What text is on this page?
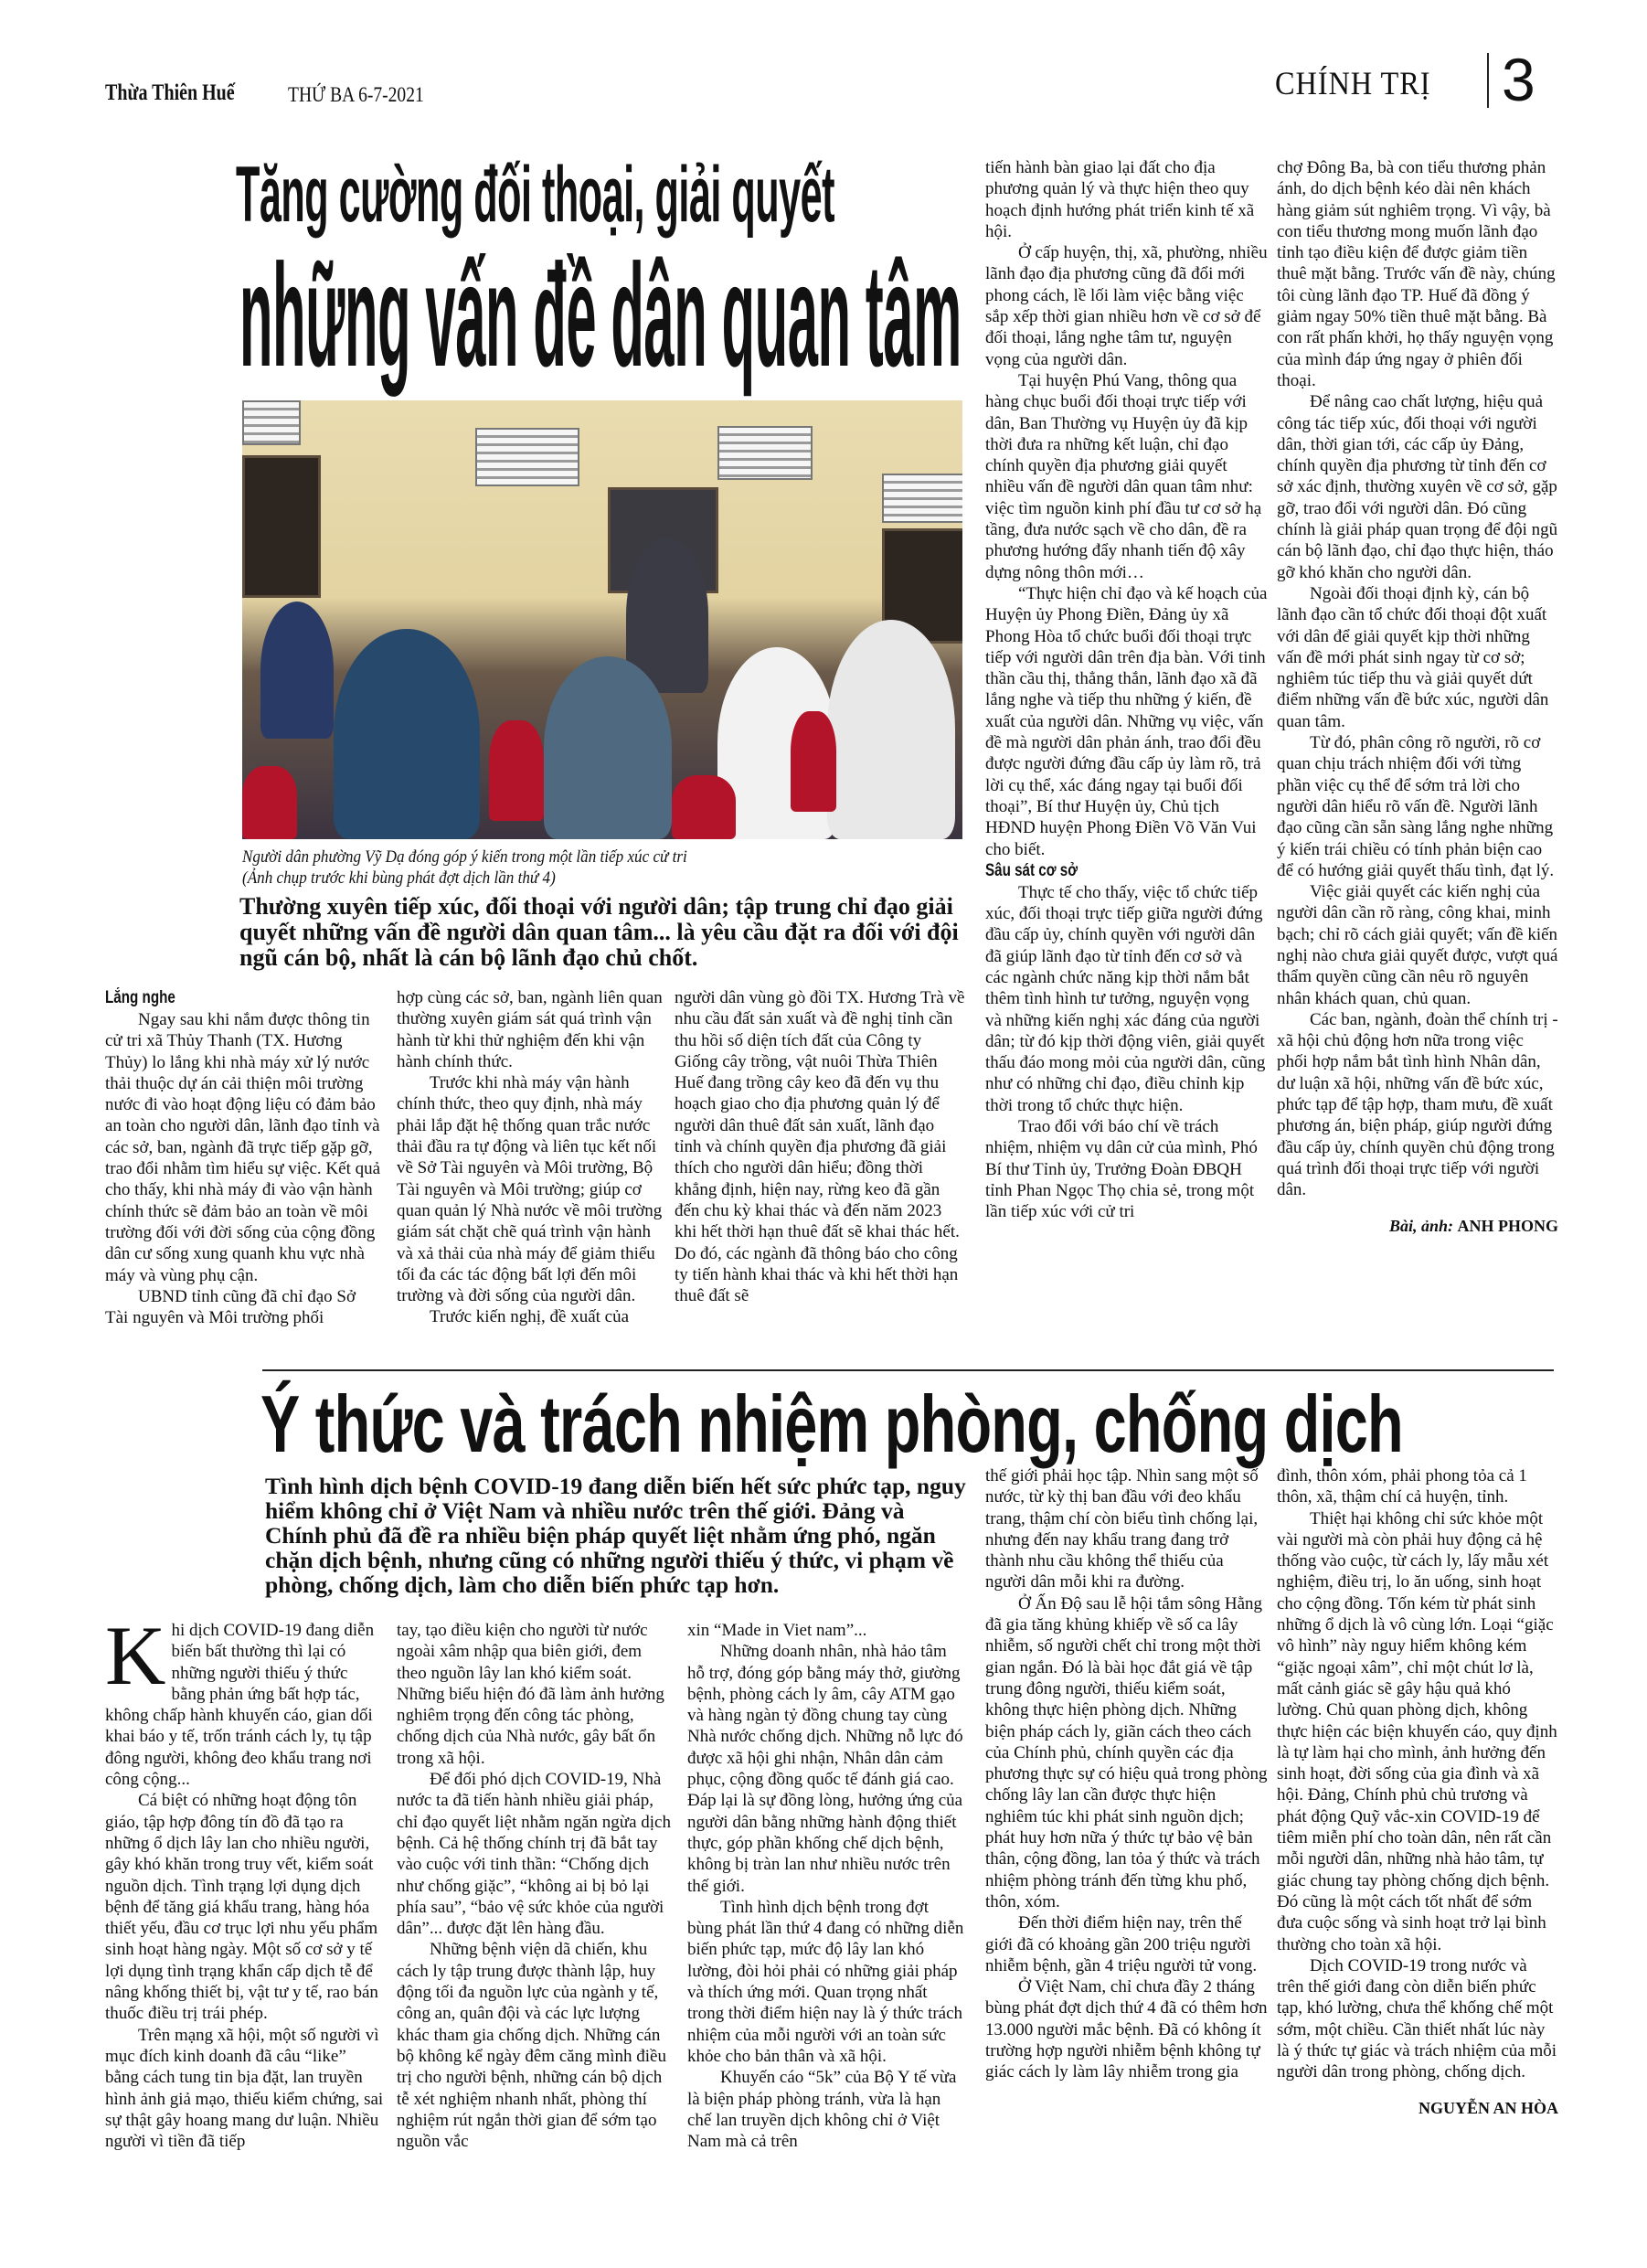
Thừa Thiên Huế	THỨ BA 6-7-2021	CHÍNH TRỊ 3
Tăng cường đối thoại, giải quyết
những vấn đề dân quan tâm
Người dân phường Vỹ Dạ đóng góp ý kiến trong một lần tiếp xúc cử tri
(Ảnh chụp trước khi bùng phát đợt dịch lần thứ 4)
Thường xuyên tiếp xúc, đối thoại với người dân; tập trung chỉ đạo giải quyết những vấn đề người dân quan tâm... là yêu cầu đặt ra đối với đội ngũ cán bộ, nhất là cán bộ lãnh đạo chủ chốt.
Lắng nghe

Ngay sau khi nắm được thông tin cử tri xã Thủy Thanh (TX. Hương Thủy) lo lắng khi nhà máy xử lý nước thải thuộc dự án cải thiện môi trường nước đi vào hoạt động liệu có đảm bảo an toàn cho người dân, lãnh đạo tỉnh và các sở, ban, ngành đã trực tiếp gặp gỡ, trao đổi nhằm tìm hiểu sự việc. Kết quả cho thấy, khi nhà máy đi vào vận hành chính thức sẽ đảm bảo an toàn về môi trường đối với đời sống của cộng đồng dân cư sống xung quanh khu vực nhà máy và vùng phụ cận.

UBND tỉnh cũng đã chỉ đạo Sở Tài nguyên và Môi trường phối

hợp cùng các sở, ban, ngành liên quan thường xuyên giám sát quá trình vận hành từ khi thử nghiệm đến khi vận hành chính thức.

Trước khi nhà máy vận hành chính thức, theo quy định, nhà máy phải lắp đặt hệ thống quan trắc nước thải đầu ra tự động và liên tục kết nối về Sở Tài nguyên và Môi trường, Bộ Tài nguyên và Môi trường; giúp cơ quan quản lý Nhà nước về môi trường giám sát chặt chẽ quá trình vận hành và xả thải của nhà máy để giảm thiểu tối đa các tác động bất lợi đến môi trường và đời sống của người dân.

Trước kiến nghị, đề xuất của

người dân vùng gò đồi TX. Hương Trà về nhu cầu đất sản xuất và đề nghị tỉnh cần thu hồi số diện tích đất của Công ty Giống cây trồng, vật nuôi Thừa Thiên Huế đang trồng cây keo đã đến vụ thu hoạch giao cho địa phương quản lý để người dân thuê đất sản xuất, lãnh đạo tỉnh và chính quyền địa phương đã giải thích cho người dân hiểu; đồng thời khẳng định, hiện nay, rừng keo đã gần đến chu kỳ khai thác và đến năm 2023 khi hết thời hạn thuê đất sẽ khai thác hết. Do đó, các ngành đã thông báo cho công ty tiến hành khai thác và khi hết thời hạn thuê đất sẽ

tiến hành bàn giao lại đất cho địa phương quản lý và thực hiện theo quy hoạch định hướng phát triển kinh tế xã hội.

Ở cấp huyện, thị, xã, phường, nhiều lãnh đạo địa phương cũng đã đổi mới phong cách, lề lối làm việc bằng việc sắp xếp thời gian nhiều hơn về cơ sở để đối thoại, lắng nghe tâm tư, nguyện vọng của người dân.

Tại huyện Phú Vang, thông qua hàng chục buổi đối thoại trực tiếp với dân, Ban Thường vụ Huyện ủy đã kịp thời đưa ra những kết luận, chỉ đạo chính quyền địa phương giải quyết nhiều vấn đề người dân quan tâm như: việc tìm nguồn kinh phí đầu tư cơ sở hạ tầng, đưa nước sạch về cho dân, đề ra phương hướng đẩy nhanh tiến độ xây dựng nông thôn mới…

“Thực hiện chỉ đạo và kế hoạch của Huyện ủy Phong Điền, Đảng ủy xã Phong Hòa tổ chức buổi đối thoại trực tiếp với người dân trên địa bàn. Với tinh thần cầu thị, thẳng thắn, lãnh đạo xã đã lắng nghe và tiếp thu những ý kiến, đề xuất của người dân. Những vụ việc, vấn đề mà người dân phản ánh, trao đổi đều được người đứng đầu cấp ủy làm rõ, trả lời cụ thể, xác đáng ngay tại buổi đối thoại”, Bí thư Huyện ủy, Chủ tịch HĐND huyện Phong Điền Võ Văn Vui cho biết.

Sâu sát cơ sở

Thực tế cho thấy, việc tổ chức tiếp xúc, đối thoại trực tiếp giữa người đứng đầu cấp ủy, chính quyền với người dân đã giúp lãnh đạo từ tỉnh đến cơ sở và các ngành chức năng kịp thời nắm bắt thêm tình hình tư tưởng, nguyện vọng và những kiến nghị xác đáng của người dân; từ đó kịp thời động viên, giải quyết thấu đáo mong mỏi của người dân, cũng như có những chỉ đạo, điều chỉnh kịp thời trong tổ chức thực hiện.

Trao đổi với báo chí về trách nhiệm, nhiệm vụ dân cử của mình, Phó Bí thư Tỉnh ủy, Trưởng Đoàn ĐBQH tỉnh Phan Ngọc Thọ chia sẻ, trong một lần tiếp xúc với cử tri

chợ Đông Ba, bà con tiểu thương phản ánh, do dịch bệnh kéo dài nên khách hàng giảm sút nghiêm trọng. Vì vậy, bà con tiểu thương mong muốn lãnh đạo tỉnh tạo điều kiện để được giảm tiền thuê mặt bằng. Trước vấn đề này, chúng tôi cùng lãnh đạo TP. Huế đã đồng ý giảm ngay 50% tiền thuê mặt bằng. Bà con rất phấn khởi, họ thấy nguyện vọng của mình đáp ứng ngay ở phiên đối thoại.

Để nâng cao chất lượng, hiệu quả công tác tiếp xúc, đối thoại với người dân, thời gian tới, các cấp ủy Đảng, chính quyền địa phương từ tỉnh đến cơ sở xác định, thường xuyên về cơ sở, gặp gỡ, trao đổi với người dân. Đó cũng chính là giải pháp quan trọng để đội ngũ cán bộ lãnh đạo, chỉ đạo thực hiện, tháo gỡ khó khăn cho người dân.

Ngoài đối thoại định kỳ, cán bộ lãnh đạo cần tổ chức đối thoại đột xuất với dân để giải quyết kịp thời những vấn đề mới phát sinh ngay từ cơ sở; nghiêm túc tiếp thu và giải quyết dứt điểm những vấn đề bức xúc, người dân quan tâm.

Từ đó, phân công rõ người, rõ cơ quan chịu trách nhiệm đối với từng phần việc cụ thể để sớm trả lời cho người dân hiểu rõ vấn đề. Người lãnh đạo cũng cần sẵn sàng lắng nghe những ý kiến trái chiều có tính phản biện cao để có hướng giải quyết thấu tình, đạt lý.

Việc giải quyết các kiến nghị của người dân cần rõ ràng, công khai, minh bạch; chỉ rõ cách giải quyết; vấn đề kiến nghị nào chưa giải quyết được, vượt quá thẩm quyền cũng cần nêu rõ nguyên nhân khách quan, chủ quan.

Các ban, ngành, đoàn thể chính trị - xã hội chủ động hơn nữa trong việc phối hợp nắm bắt tình hình Nhân dân, dư luận xã hội, những vấn đề bức xúc, phức tạp để tập hợp, tham mưu, đề xuất phương án, biện pháp, giúp người đứng đầu cấp ủy, chính quyền chủ động trong quá trình đối thoại trực tiếp với người dân.

Bài, ảnh: ANH PHONG
Ý thức và trách nhiệm phòng, chống dịch
Tình hình dịch bệnh COVID-19 đang diễn biến hết sức phức tạp, nguy hiểm không chỉ ở Việt Nam và nhiều nước trên thế giới. Đảng và Chính phủ đã đề ra nhiều biện pháp quyết liệt nhằm ứng phó, ngăn chặn dịch bệnh, nhưng cũng có những người thiếu ý thức, vi phạm về phòng, chống dịch, làm cho diễn biến phức tạp hơn.

Khi dịch COVID-19 đang diễn biến bất thường thì lại có những người thiếu ý thức bằng phản ứng bất hợp tác, không chấp hành khuyến cáo, gian dối khai báo y tế, trốn tránh cách ly, tụ tập đông người, không đeo khẩu trang nơi công cộng...

Cá biệt có những hoạt động tôn giáo, tập hợp đông tín đồ đã tạo ra những ổ dịch lây lan cho nhiều người, gây khó khăn trong truy vết, kiểm soát nguồn dịch. Tình trạng lợi dụng dịch bệnh để tăng giá khẩu trang, hàng hóa thiết yếu, đầu cơ trục lợi nhu yếu phẩm sinh hoạt hàng ngày. Một số cơ sở y tế lợi dụng tình trạng khẩn cấp dịch tễ để nâng khống thiết bị, vật tư y tế, rao bán thuốc điều trị trái phép.

Trên mạng xã hội, một số người vì mục đích kinh doanh đã câu “like” bằng cách tung tin bịa đặt, lan truyền hình ảnh giả mạo, thiếu kiểm chứng, sai sự thật gây hoang mang dư luận. Nhiều người vì tiền đã tiếp

tay, tạo điều kiện cho người từ nước ngoài xâm nhập qua biên giới, đem theo nguồn lây lan khó kiểm soát. Những biểu hiện đó đã làm ảnh hưởng nghiêm trọng đến công tác phòng, chống dịch của Nhà nước, gây bất ổn trong xã hội.

Để đối phó dịch COVID-19, Nhà nước ta đã tiến hành nhiều giải pháp, chỉ đạo quyết liệt nhằm ngăn ngừa dịch bệnh. Cả hệ thống chính trị đã bắt tay vào cuộc với tinh thần: “Chống dịch như chống giặc”, “không ai bị bỏ lại phía sau”, “bảo vệ sức khỏe của người dân”... được đặt lên hàng đầu.

Những bệnh viện dã chiến, khu cách ly tập trung được thành lập, huy động tối đa nguồn lực của ngành y tế, công an, quân đội và các lực lượng khác tham gia chống dịch. Những cán bộ không kể ngày đêm căng mình điều trị cho người bệnh, những cán bộ dịch tễ xét nghiệm nhanh nhất, phòng thí nghiệm rút ngắn thời gian để sớm tạo nguồn vắc

xin “Made in Viet nam”...

Những doanh nhân, nhà hảo tâm hỗ trợ, đóng góp bằng máy thở, giường bệnh, phòng cách ly âm, cây ATM gạo và hàng ngàn tỷ đồng chung tay cùng Nhà nước chống dịch. Những nỗ lực đó được xã hội ghi nhận, Nhân dân cảm phục, cộng đồng quốc tế đánh giá cao. Đáp lại là sự đồng lòng, hưởng ứng của người dân bằng những hành động thiết thực, góp phần khống chế dịch bệnh, không bị tràn lan như nhiều nước trên thế giới.

Tình hình dịch bệnh trong đợt bùng phát lần thứ 4 đang có những diễn biến phức tạp, mức độ lây lan khó lường, đòi hỏi phải có những giải pháp và thích ứng mới. Quan trọng nhất trong thời điểm hiện nay là ý thức trách nhiệm của mỗi người với an toàn sức khỏe cho bản thân và xã hội.

Khuyến cáo “5k” của Bộ Y tế vừa là biện pháp phòng tránh, vừa là hạn chế lan truyền dịch không chỉ ở Việt Nam mà cả trên

thế giới phải học tập. Nhìn sang một số nước, từ kỳ thị ban đầu với đeo khẩu trang, thậm chí còn biểu tình chống lại, nhưng đến nay khẩu trang đang trở thành nhu cầu không thể thiếu của người dân mỗi khi ra đường.

Ở Ấn Độ sau lễ hội tắm sông Hằng đã gia tăng khủng khiếp về số ca lây nhiễm, số người chết chỉ trong một thời gian ngắn. Đó là bài học đắt giá về tập trung đông người, thiếu kiểm soát, không thực hiện phòng dịch. Những biện pháp cách ly, giãn cách theo cách của Chính phủ, chính quyền các địa phương thực sự có hiệu quả trong phòng chống lây lan cần được thực hiện nghiêm túc khi phát sinh nguồn dịch; phát huy hơn nữa ý thức tự bảo vệ bản thân, cộng đồng, lan tỏa ý thức và trách nhiệm phòng tránh đến từng khu phố, thôn, xóm.

Đến thời điểm hiện nay, trên thế giới đã có khoảng gần 200 triệu người nhiễm bệnh, gần 4 triệu người tử vong.

Ở Việt Nam, chỉ chưa đầy 2 tháng bùng phát đợt dịch thứ 4 đã có thêm hơn 13.000 người mắc bệnh. Đã có không ít trường hợp người nhiễm bệnh không tự giác cách ly làm lây nhiễm trong gia

đình, thôn xóm, phải phong tỏa cả 1 thôn, xã, thậm chí cả huyện, tỉnh.

Thiệt hại không chỉ sức khỏe một vài người mà còn phải huy động cả hệ thống vào cuộc, từ cách ly, lấy mẫu xét nghiệm, điều trị, lo ăn uống, sinh hoạt cho cộng đồng. Tốn kém từ phát sinh những ổ dịch là vô cùng lớn. Loại “giặc vô hình” này nguy hiểm không kém “giặc ngoại xâm”, chỉ một chút lơ là, mất cảnh giác sẽ gây hậu quả khó lường. Chủ quan phòng dịch, không thực hiện các biện khuyến cáo, quy định là tự làm hại cho mình, ảnh hưởng đến sinh hoạt, đời sống của gia đình và xã hội. Đảng, Chính phủ chủ trương và phát động Quỹ vắc-xin COVID-19 để tiêm miễn phí cho toàn dân, nên rất cần mỗi người dân, những nhà hảo tâm, tự giác chung tay phòng chống dịch bệnh. Đó cũng là một cách tốt nhất để sớm đưa cuộc sống và sinh hoạt trở lại bình thường cho toàn xã hội.

Dịch COVID-19 trong nước và trên thế giới đang còn diễn biến phức tạp, khó lường, chưa thể khống chế một sớm, một chiều. Cần thiết nhất lúc này là ý thức tự giác và trách nhiệm của mỗi người dân trong phòng, chống dịch.

NGUYỄN AN HÒA
